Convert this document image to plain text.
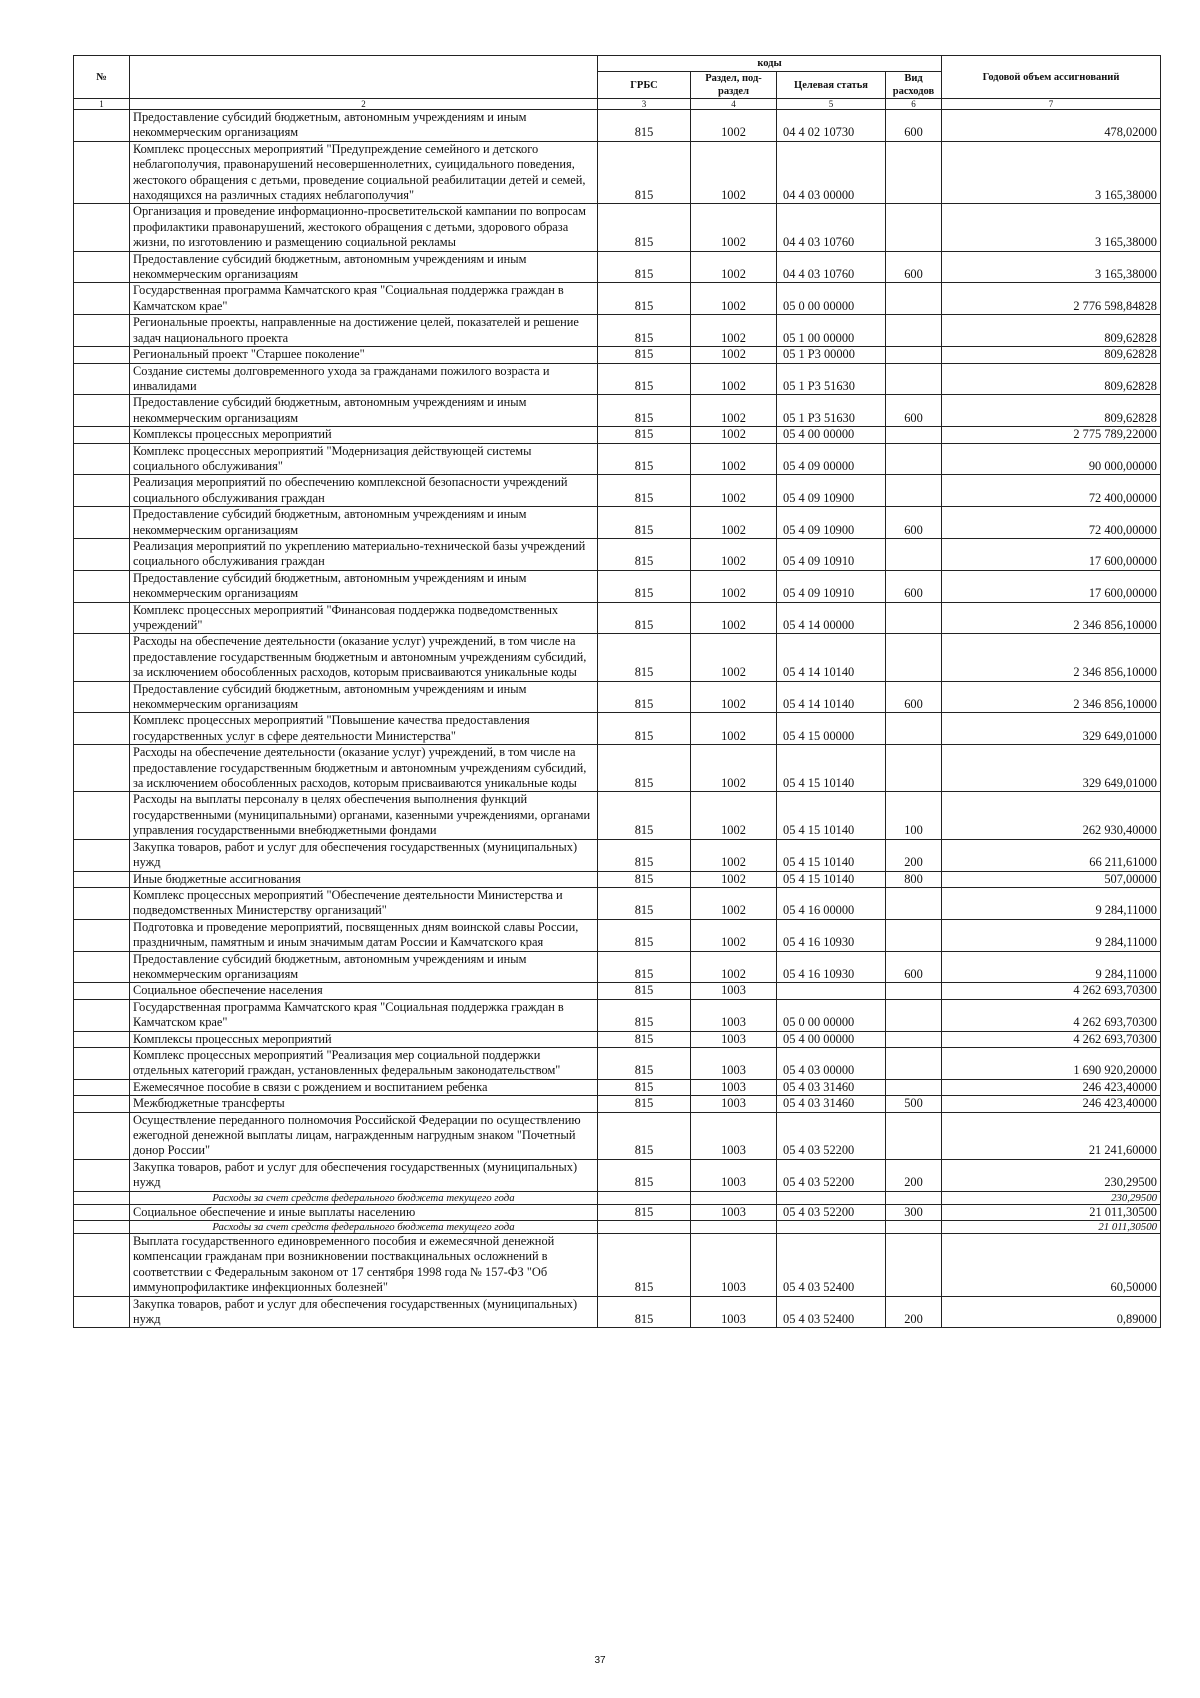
№		коды				Годовой объем ассигнований
		ГРБС	Раздел, под-раздел	Целевая статья	Вид расходов	
1	2	3	4	5	6	7
	Предоставление субсидий бюджетным, автономным учреждениям и иным некоммерческим организациям	815	1002	04 4 02 10730	600	478,02000
	Комплекс процессных мероприятий "Предупреждение семейного и детского неблагополучия, правонарушений несовершеннолетних, суицидального поведения, жестокого обращения с детьми, проведение социальной реабилитации детей и семей, находящихся на различных стадиях неблагополучия"	815	1002	04 4 03 00000		3 165,38000
	Организация и проведение информационно-просветительской кампании по вопросам профилактики правонарушений, жестокого обращения с детьми, здорового образа жизни, по изготовлению и размещению социальной рекламы	815	1002	04 4 03 10760		3 165,38000
	Предоставление субсидий бюджетным, автономным учреждениям и иным некоммерческим организациям	815	1002	04 4 03 10760	600	3 165,38000
	Государственная программа Камчатского края "Социальная поддержка граждан в Камчатском крае"	815	1002	05 0 00 00000		2 776 598,84828
	Региональные проекты, направленные на достижение целей, показателей и решение задач национального проекта	815	1002	05 1 00 00000		809,62828
	Региональный проект "Старшее поколение"	815	1002	05 1 P3 00000		809,62828
	Создание системы долговременного ухода за гражданами пожилого возраста и инвалидами	815	1002	05 1 P3 51630		809,62828
	Предоставление субсидий бюджетным, автономным учреждениям и иным некоммерческим организациям	815	1002	05 1 P3 51630	600	809,62828
	Комплексы процессных мероприятий	815	1002	05 4 00 00000		2 775 789,22000
	Комплекс процессных мероприятий "Модернизация действующей системы социального обслуживания"	815	1002	05 4 09 00000		90 000,00000
	Реализация мероприятий по обеспечению комплексной безопасности учреждений социального обслуживания граждан	815	1002	05 4 09 10900		72 400,00000
	Предоставление субсидий бюджетным, автономным учреждениям и иным некоммерческим организациям	815	1002	05 4 09 10900	600	72 400,00000
	Реализация мероприятий по укреплению материально-технической базы учреждений социального обслуживания граждан	815	1002	05 4 09 10910		17 600,00000
	Предоставление субсидий бюджетным, автономным учреждениям и иным некоммерческим организациям	815	1002	05 4 09 10910	600	17 600,00000
	Комплекс процессных мероприятий "Финансовая поддержка подведомственных учреждений"	815	1002	05 4 14 00000		2 346 856,10000
	Расходы на обеспечение деятельности (оказание услуг) учреждений, в том числе на предоставление государственным бюджетным и автономным учреждениям субсидий, за исключением обособленных расходов, которым присваиваются уникальные коды	815	1002	05 4 14 10140		2 346 856,10000
	Предоставление субсидий бюджетным, автономным учреждениям и иным некоммерческим организациям	815	1002	05 4 14 10140	600	2 346 856,10000
	Комплекс процессных мероприятий "Повышение качества предоставления государственных услуг в сфере деятельности Министерства"	815	1002	05 4 15 00000		329 649,01000
	Расходы на обеспечение деятельности (оказание услуг) учреждений, в том числе на предоставление государственным бюджетным и автономным учреждениям субсидий, за исключением обособленных расходов, которым присваиваются уникальные коды	815	1002	05 4 15 10140		329 649,01000
	Расходы на выплаты персоналу в целях обеспечения выполнения функций государственными (муниципальными) органами, казенными учреждениями, органами управления государственными внебюджетными фондами	815	1002	05 4 15 10140	100	262 930,40000
	Закупка товаров, работ и услуг для обеспечения государственных (муниципальных) нужд	815	1002	05 4 15 10140	200	66 211,61000
	Иные бюджетные ассигнования	815	1002	05 4 15 10140	800	507,00000
	Комплекс процессных мероприятий "Обеспечение деятельности Министерства и подведомственных Министерству организаций"	815	1002	05 4 16 00000		9 284,11000
	Подготовка и проведение мероприятий, посвященных дням воинской славы России, праздничным, памятным и иным значимым датам России и Камчатского края	815	1002	05 4 16 10930		9 284,11000
	Предоставление субсидий бюджетным, автономным учреждениям и иным некоммерческим организациям	815	1002	05 4 16 10930	600	9 284,11000
	Социальное обеспечение населения	815	1003			4 262 693,70300
	Государственная программа Камчатского края "Социальная поддержка граждан в Камчатском крае"	815	1003	05 0 00 00000		4 262 693,70300
	Комплексы процессных мероприятий	815	1003	05 4 00 00000		4 262 693,70300
	Комплекс процессных мероприятий "Реализация мер социальной поддержки отдельных категорий граждан, установленных федеральным законодательством"	815	1003	05 4 03 00000		1 690 920,20000
	Ежемесячное пособие в связи с рождением и воспитанием ребенка	815	1003	05 4 03 31460		246 423,40000
	Межбюджетные трансферты	815	1003	05 4 03 31460	500	246 423,40000
	Осуществление переданного полномочия Российской Федерации по осуществлению ежегодной денежной выплаты лицам, награжденным нагрудным знаком "Почетный донор России"	815	1003	05 4 03 52200		21 241,60000
	Закупка товаров, работ и услуг для обеспечения государственных (муниципальных) нужд	815	1003	05 4 03 52200	200	230,29500
	Расходы за счет средств федерального бюджета текущего года					230,29500
	Социальное обеспечение и иные выплаты населению	815	1003	05 4 03 52200	300	21 011,30500
	Расходы за счет средств федерального бюджета текущего года					21 011,30500
	Выплата государственного единовременного пособия и ежемесячной денежной компенсации гражданам при возникновении поствакцинальных осложнений в соответствии с Федеральным законом от 17 сентября 1998 года № 157-ФЗ "Об иммунопрофилактике инфекционных болезней"	815	1003	05 4 03 52400		60,50000
	Закупка товаров, работ и услуг для обеспечения государственных (муниципальных) нужд	815	1003	05 4 03 52400	200	0,89000
37
